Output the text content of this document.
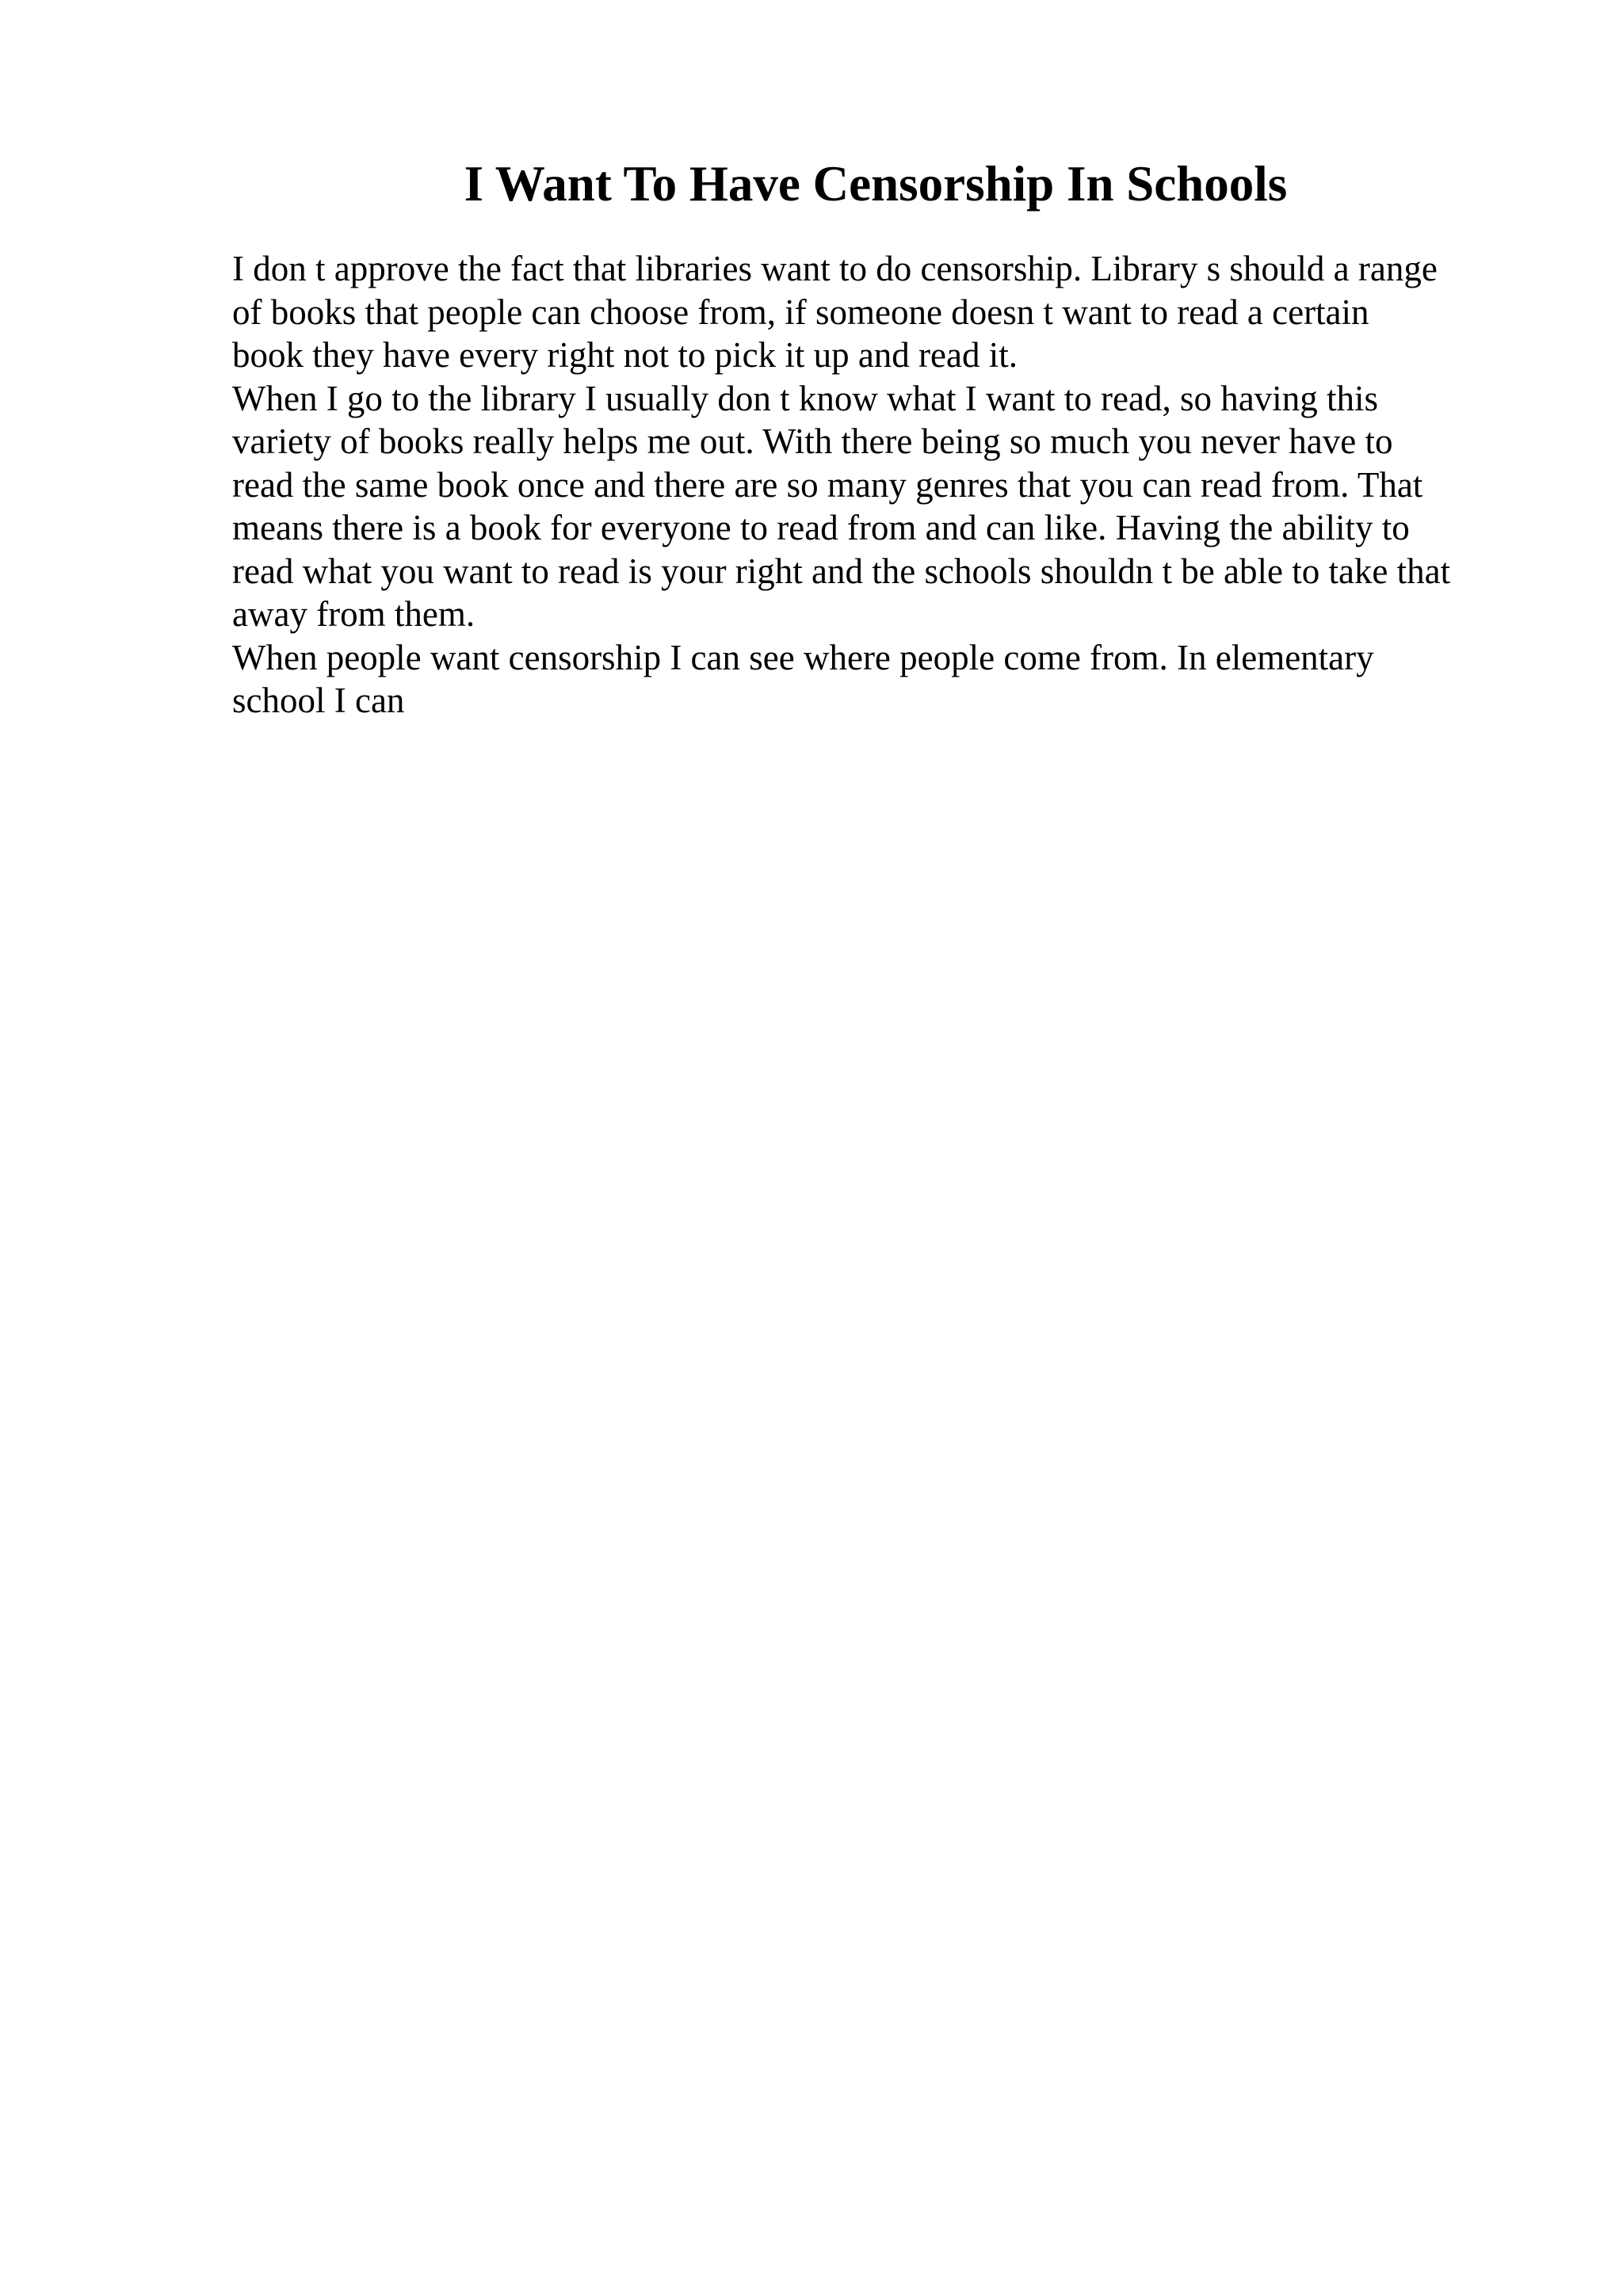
I Want To Have Censorship In Schools
I don t approve the fact that libraries want to do censorship. Library s should a range
of books that people can choose from, if someone doesn t want to read a certain
book they have every right not to pick it up and read it.
When I go to the library I usually don t know what I want to read, so having this
variety of books really helps me out. With there being so much you never have to
read the same book once and there are so many genres that you can read from. That
means there is a book for everyone to read from and can like. Having the ability to
read what you want to read is your right and the schools shouldn t be able to take that
away from them.
When people want censorship I can see where people come from. In elementary
school I can
